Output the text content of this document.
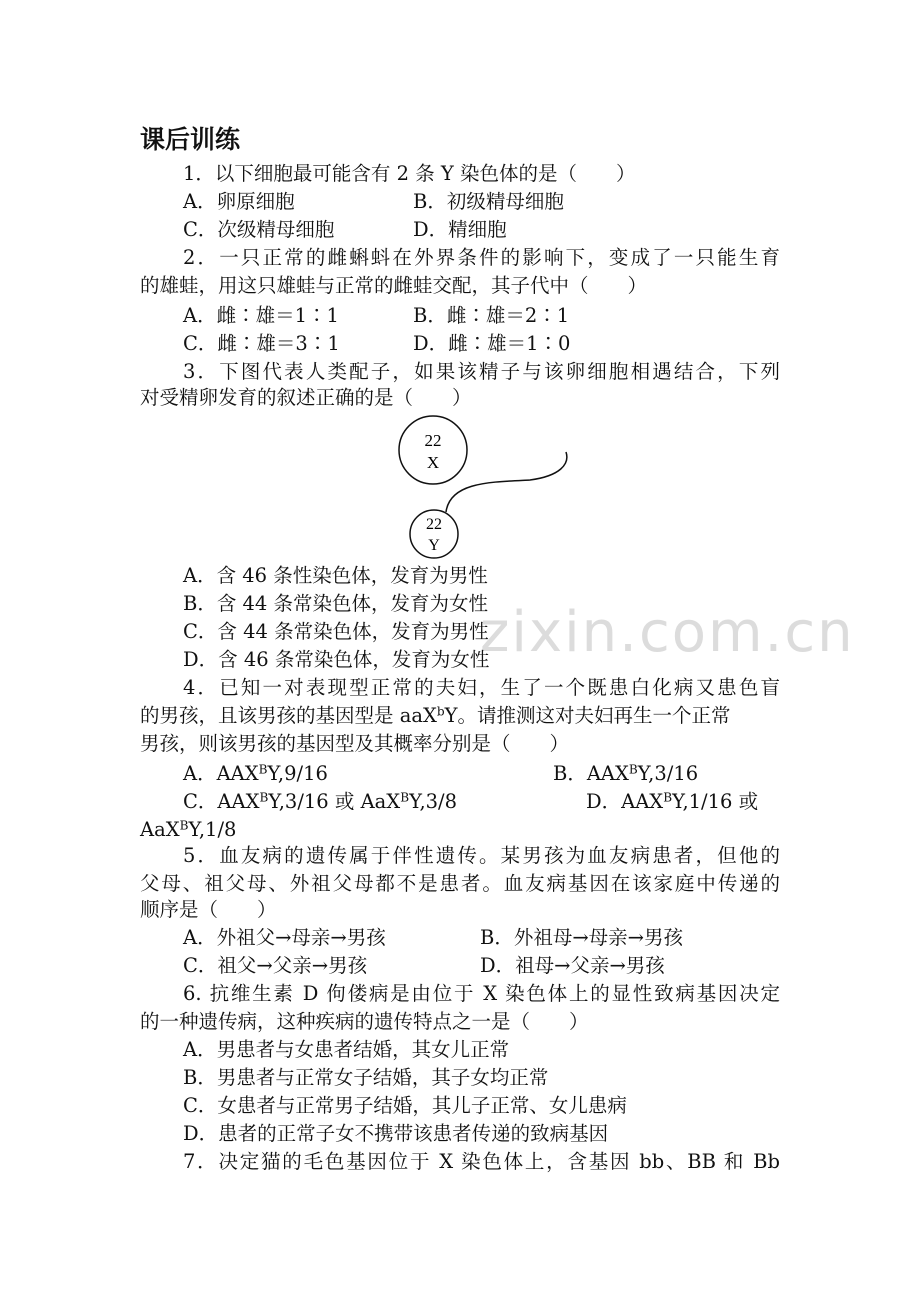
zixin.com.cn
课后训练
1．以下细胞最可能含有 2 条 Y 染色体的是（　　）
A．卵原细胞	B．初级精母细胞
C．次级精母细胞	D．精细胞
2．一只正常的雌蝌蚪在外界条件的影响下，变成了一只能生育
的雄蛙，用这只雄蛙与正常的雌蛙交配，其子代中（　　）
A．雌∶雄＝1∶1	B．雌∶雄＝2∶1
C．雌∶雄＝3∶1	D．雌∶雄＝1∶0
3．下图代表人类配子，如果该精子与该卵细胞相遇结合，下列
对受精卵发育的叙述正确的是（　　）
22
X
22
Y
A．含 46 条性染色体，发育为男性
B．含 44 条常染色体，发育为女性
C．含 44 条常染色体，发育为男性
D．含 46 条常染色体，发育为女性
4．已知一对表现型正常的夫妇，生了一个既患白化病又患色盲
的男孩，且该男孩的基因型是 aaX$^b$Y。请推测这对夫妇再生一个正常
男孩，则该男孩的基因型及其概率分别是（　　）
A．$AAX^BY,9/16$	B．$AAX^BY,3/16$
C．$AAX^BY,3/16$ 或 AaX$^B$Y,3/8	D．$AAX^BY,1/16$ 或
AaX$^B$Y,1/8
5．血友病的遗传属于伴性遗传。某男孩为血友病患者，但他的
父母、祖父母、外祖父母都不是患者。血友病基因在该家庭中传递的
顺序是（　　）
A．外祖父→母亲→男孩	B．外祖母→母亲→男孩
C．祖父→父亲→男孩	D．祖母→父亲→男孩
6. 抗维生素 D 佝偻病是由位于 X 染色体上的显性致病基因决定
的一种遗传病，这种疾病的遗传特点之一是（　　）
A．男患者与女患者结婚，其女儿正常
B．男患者与正常女子结婚，其子女均正常
C．女患者与正常男子结婚，其儿子正常、女儿患病
D．患者的正常子女不携带该患者传递的致病基因
7．决定猫的毛色基因位于 X 染色体上，含基因 bb、BB 和 Bb
